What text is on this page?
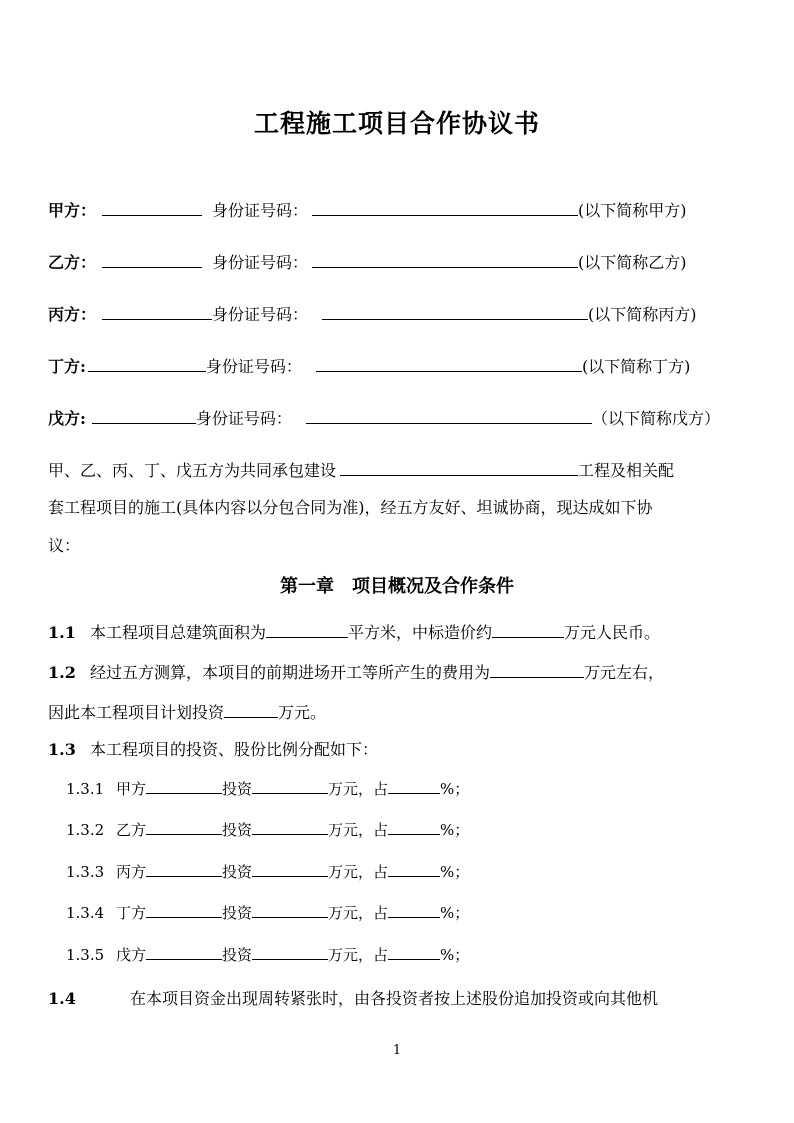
工程施工项目合作协议书
甲方：	身份证号码：	(以下简称甲方)
乙方：	身份证号码：	(以下简称乙方)
丙方：	身份证号码：	(以下简称丙方)
丁方:	身份证号码：	(以下简称丁方)
戊方:	身份证号码：	（以下简称戊方）
甲、乙、丙、丁、戊五方为共同承包建设	工程及相关配
套工程项目的施工(具体内容以分包合同为准)，经五方友好、坦诚协商，现达成如下协
议：
第一章　项目概况及合作条件
1.1 本工程项目总建筑面积为	平方米，中标造价约	万元人民币。
1.2 经过五方测算，本项目的前期进场开工等所产生的费用为	万元左右，
因此本工程项目计划投资	万元。
1.3 本工程项目的投资、股份比例分配如下：
1.3.1 甲方	投资	万元，占	%；
1.3.2 乙方	投资	万元，占	%；
1.3.3 丙方	投资	万元，占	%；
1.3.4 丁方	投资	万元，占	%；
1.3.5 戊方	投资	万元，占	%；
1.4	在本项目资金出现周转紧张时，由各投资者按上述股份追加投资或向其他机
1
